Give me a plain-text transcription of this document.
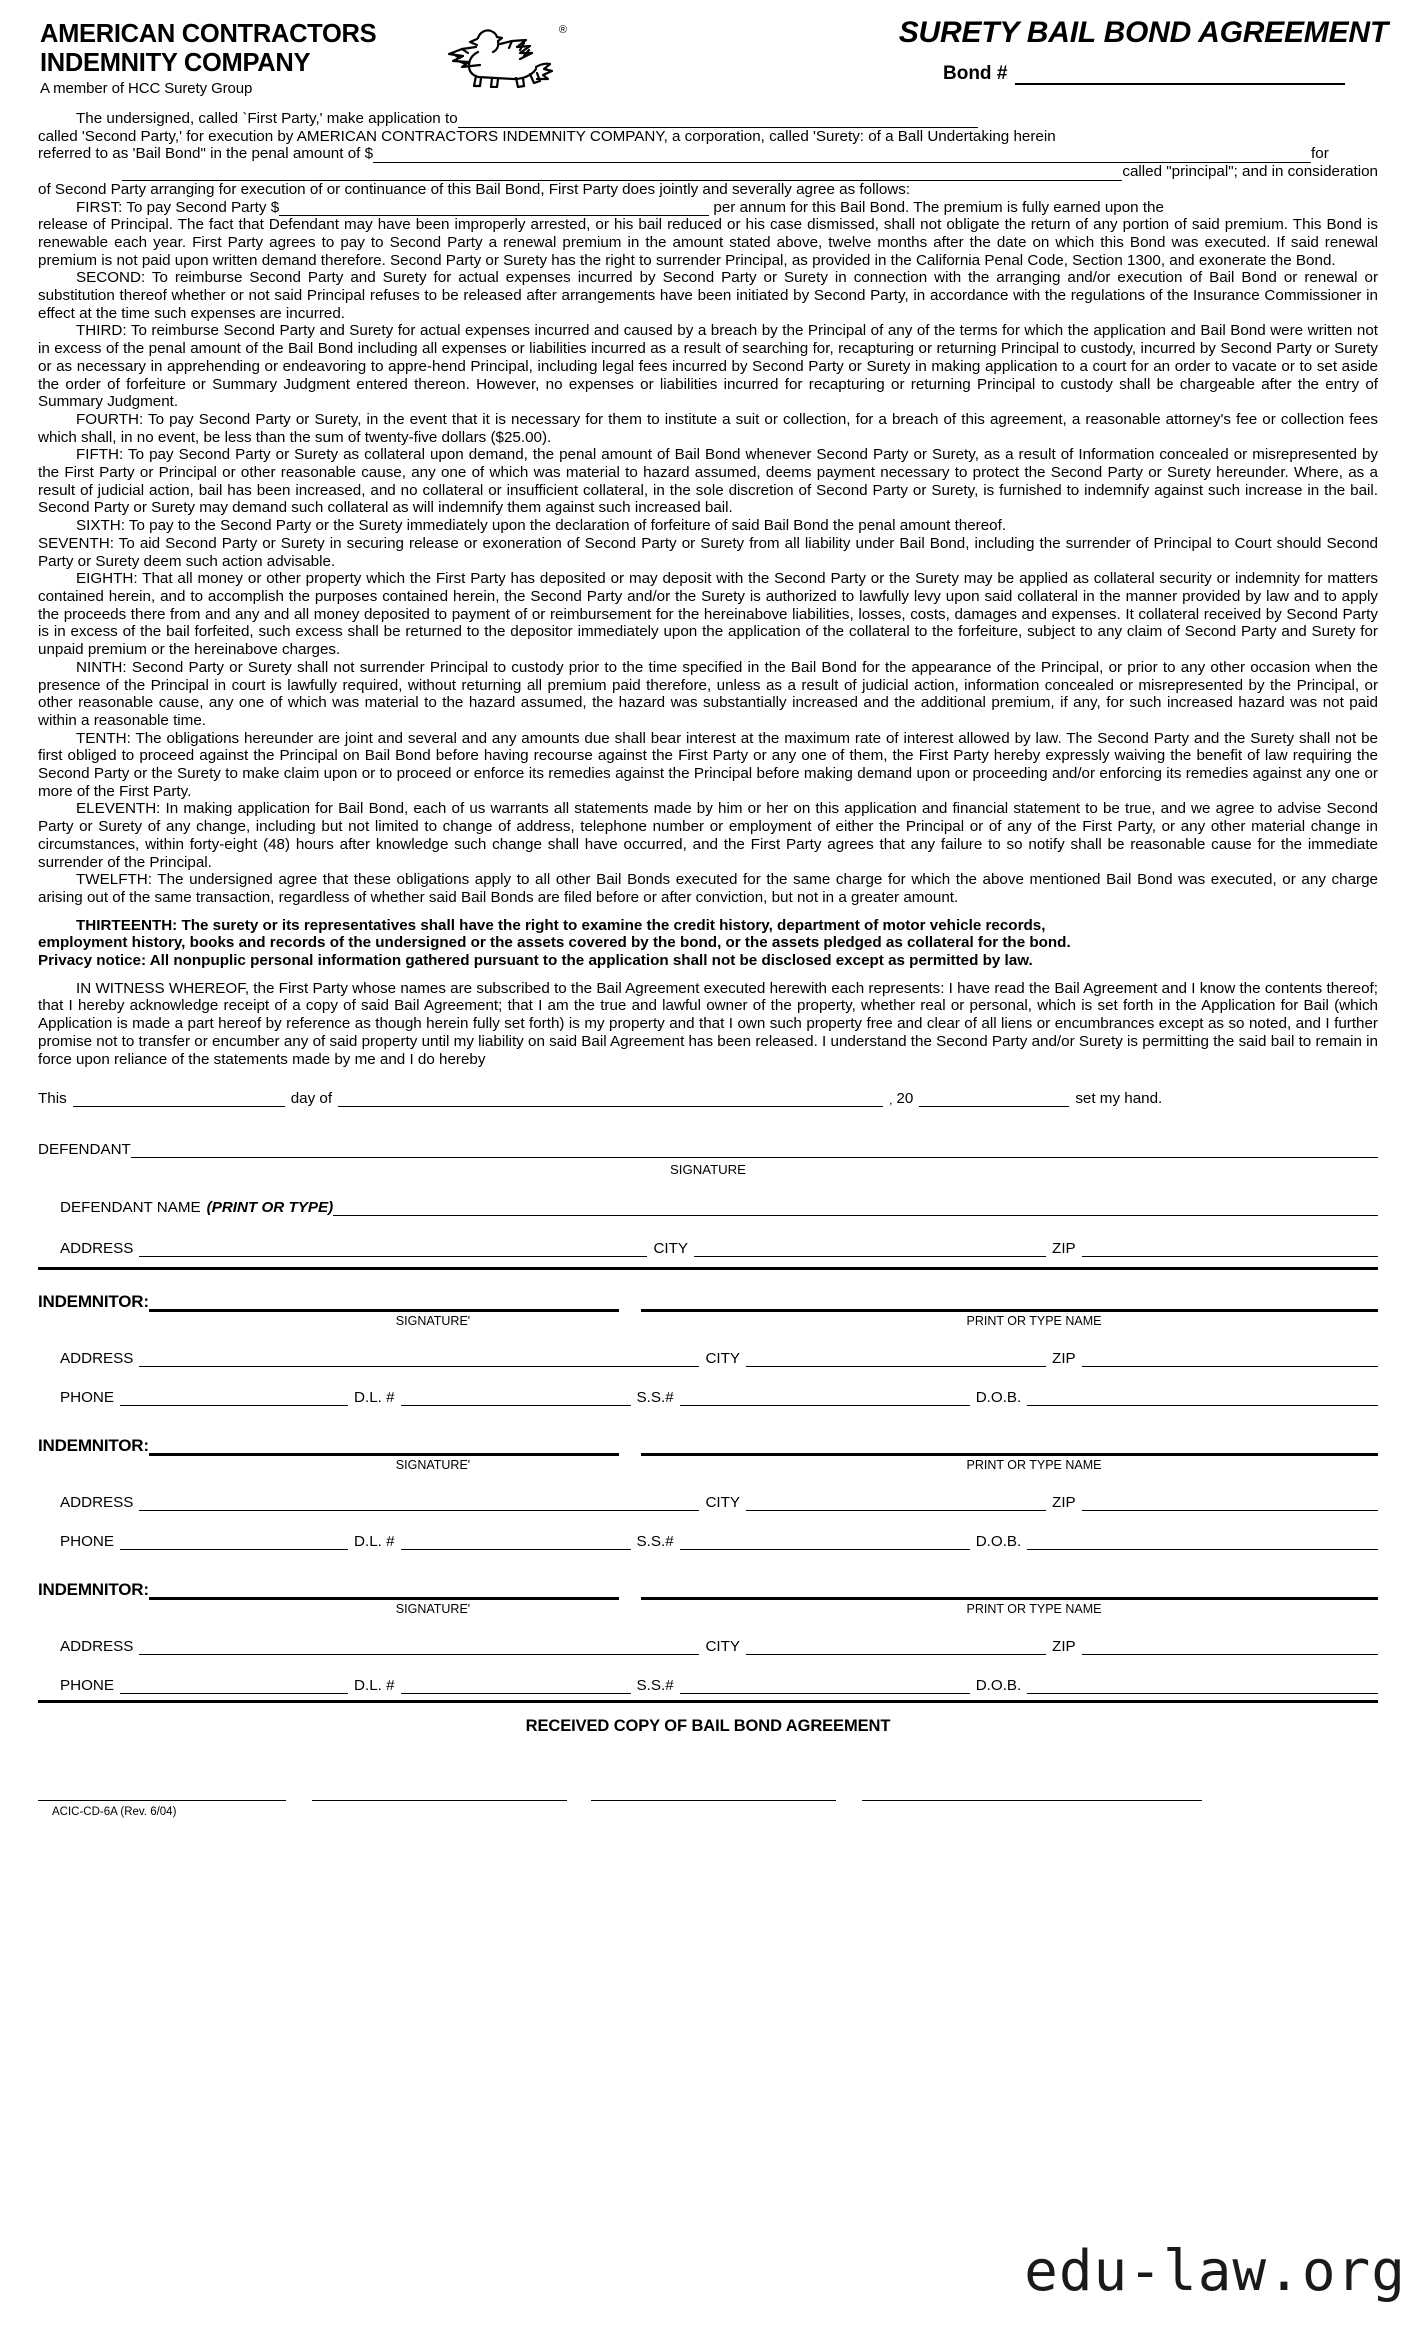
AMERICAN CONTRACTORS
INDEMNITY COMPANY
A member of HCC Surety Group
®	SURETY BAIL BOND AGREEMENT
Bond #

The undersigned, called `First Party,' make application to

called 'Second Party,' for execution by AMERICAN CONTRACTORS INDEMNITY COMPANY, a corporation, called 'Surety: of a Ball Undertaking herein

referred to as 'Bail Bond" in the penal amount of $	for

called "principal"; and in consideration

of Second Party arranging for execution of or continuance of this Bail Bond, First Party does jointly and severally agree as follows:

FIRST: To pay Second Party $	per annum for this Bail Bond. The premium is fully earned upon the

release of Principal. The fact that Defendant may have been improperly arrested, or his bail reduced or his case dismissed, shall not obligate the return of any portion of said premium. This Bond is renewable each year. First Party agrees to pay to Second Party a renewal premium in the amount stated above, twelve months after the date on which this Bond was executed. If said renewal premium is not paid upon written demand therefore. Second Party or Surety has the right to surrender Principal, as provided in the California Penal Code, Section 1300, and exonerate the Bond.

SECOND: To reimburse Second Party and Surety for actual expenses incurred by Second Party or Surety in connection with the arranging and/or execution of Bail Bond or renewal or substitution thereof whether or not said Principal refuses to be released after arrangements have been initiated by Second Party, in accordance with the regulations of the Insurance Commissioner in effect at the time such expenses are incurred.

THIRD: To reimburse Second Party and Surety for actual expenses incurred and caused by a breach by the Principal of any of the terms for which the application and Bail Bond were written not in excess of the penal amount of the Bail Bond including all expenses or liabilities incurred as a result of searching for, recapturing or returning Principal to custody, incurred by Second Party or Surety or as necessary in apprehending or endeavoring to appre-hend Principal, including legal fees incurred by Second Party or Surety in making application to a court for an order to vacate or to set aside the order of forfeiture or Summary Judgment entered thereon. However, no expenses or liabilities incurred for recapturing or returning Principal to custody shall be chargeable after the entry of Summary Judgment.

FOURTH: To pay Second Party or Surety, in the event that it is necessary for them to institute a suit or collection, for a breach of this agreement, a reasonable attorney's fee or collection fees which shall, in no event, be less than the sum of twenty-five dollars ($25.00).

FIFTH: To pay Second Party or Surety as collateral upon demand, the penal amount of Bail Bond whenever Second Party or Surety, as a result of Information concealed or misrepresented by the First Party or Principal or other reasonable cause, any one of which was material to hazard assumed, deems payment necessary to protect the Second Party or Surety hereunder. Where, as a result of judicial action, bail has been increased, and no collateral or insufficient collateral, in the sole discretion of Second Party or Surety, is furnished to indemnify against such increase in the bail. Second Party or Surety may demand such collateral as will indemnify them against such increased bail.

SIXTH: To pay to the Second Party or the Surety immediately upon the declaration of forfeiture of said Bail Bond the penal amount thereof.

SEVENTH: To aid Second Party or Surety in securing release or exoneration of Second Party or Surety from all liability under Bail Bond, including the surrender of Principal to Court should Second Party or Surety deem such action advisable.

EIGHTH: That all money or other property which the First Party has deposited or may deposit with the Second Party or the Surety may be applied as collateral security or indemnity for matters contained herein, and to accomplish the purposes contained herein, the Second Party and/or the Surety is authorized to lawfully levy upon said collateral in the manner provided by law and to apply the proceeds there from and any and all money deposited to payment of or reimbursement for the hereinabove liabilities, losses, costs, damages and expenses. It collateral received by Second Party is in excess of the bail forfeited, such excess shall be returned to the depositor immediately upon the application of the collateral to the forfeiture, subject to any claim of Second Party and Surety for unpaid premium or the hereinabove charges.

NINTH: Second Party or Surety shall not surrender Principal to custody prior to the time specified in the Bail Bond for the appearance of the Principal, or prior to any other occasion when the presence of the Principal in court is lawfully required, without returning all premium paid therefore, unless as a result of judicial action, information concealed or misrepresented by the Principal, or other reasonable cause, any one of which was material to the hazard assumed, the hazard was substantially increased and the additional premium, if any, for such increased hazard was not paid within a reasonable time.

TENTH: The obligations hereunder are joint and several and any amounts due shall bear interest at the maximum rate of interest allowed by law. The Second Party and the Surety shall not be first obliged to proceed against the Principal on Bail Bond before having recourse against the First Party or any one of them, the First Party hereby expressly waiving the benefit of law requiring the Second Party or the Surety to make claim upon or to proceed or enforce its remedies against the Principal before making demand upon or proceeding and/or enforcing its remedies against any one or more of the First Party.

ELEVENTH: In making application for Bail Bond, each of us warrants all statements made by him or her on this application and financial statement to be true, and we agree to advise Second Party or Surety of any change, including but not limited to change of address, telephone number or employment of either the Principal or of any of the First Party, or any other material change in circumstances, within forty-eight (48) hours after knowledge such change shall have occurred, and the First Party agrees that any failure to so notify shall be reasonable cause for the immediate surrender of the Principal.

TWELFTH: The undersigned agree that these obligations apply to all other Bail Bonds executed for the same charge for which the above mentioned Bail Bond was executed, or any charge arising out of the same transaction, regardless of whether said Bail Bonds are filed before or after conviction, but not in a greater amount.

THIRTEENTH: The surety or its representatives shall have the right to examine the credit history, department of motor vehicle records,

employment history, books and records of the undersigned or the assets covered by the bond, or the assets pledged as collateral for the bond.

Privacy notice: All nonpuplic personal information gathered pursuant to the application shall not be disclosed except as permitted by law.

IN WITNESS WHEREOF, the First Party whose names are subscribed to the Bail Agreement executed herewith each represents: I have read the Bail Agreement and I know the contents thereof; that I hereby acknowledge receipt of a copy of said Bail Agreement; that I am the true and lawful owner of the property, whether real or personal, which is set forth in the Application for Bail (which Application is made a part hereof by reference as though herein fully set forth) is my property and that I own such property free and clear of all liens or encumbrances except as so noted, and I further promise not to transfer or encumber any of said property until my liability on said Bail Agreement has been released. I understand the Second Party and/or Surety is permitting the said bail to remain in force upon reliance of the statements made by me and I do hereby

This	day of	, 20	set my hand.
DEFENDANT
SIGNATURE
DEFENDANT NAME (PRINT OR TYPE)
ADDRESS	CITY	ZIP
INDEMNITOR:
SIGNATURE'	PRINT OR TYPE NAME
ADDRESS	CITY	ZIP
PHONE	D.L. #	S.S.#	D.O.B.
INDEMNITOR:
SIGNATURE'	PRINT OR TYPE NAME
ADDRESS	CITY	ZIP
PHONE	D.L. #	S.S.#	D.O.B.
INDEMNITOR:
SIGNATURE'	PRINT OR TYPE NAME
ADDRESS	CITY	ZIP
PHONE	D.L. #	S.S.#	D.O.B.
RECEIVED COPY OF BAIL BOND AGREEMENT
ACIC-CD-6A (Rev. 6/04)
edu-law.org
